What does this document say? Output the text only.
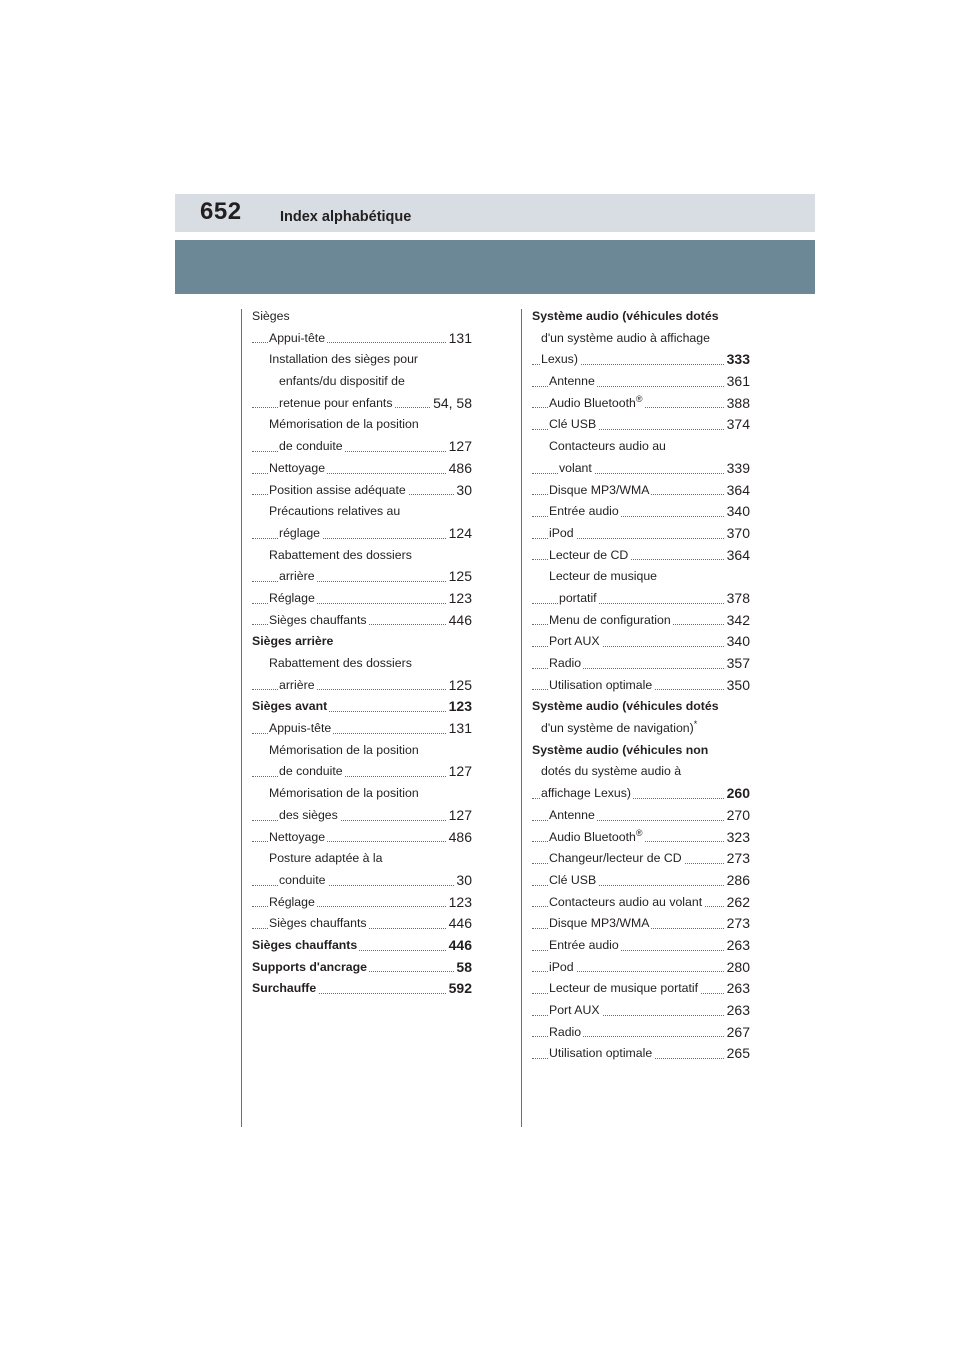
652	Index alphabétique
Sièges
Appui-tête	131
Installation des sièges pour
enfants/du dispositif de
retenue pour enfants	54, 58
Mémorisation de la position
de conduite	127
Nettoyage	486
Position assise adéquate	30
Précautions relatives au
réglage	124
Rabattement des dossiers
arrière	125
Réglage	123
Sièges chauffants	446
Sièges arrière
Rabattement des dossiers
arrière	125
Sièges avant	123
Appuis-tête	131
Mémorisation de la position
de conduite	127
Mémorisation de la position
des sièges	127
Nettoyage	486
Posture adaptée à la
conduite	30
Réglage	123
Sièges chauffants	446
Sièges chauffants	446
Supports d'ancrage	58
Surchauffe	592
Système audio (véhicules dotés
d'un système audio à affichage
Lexus)	333
Antenne	361
Audio Bluetooth®	388
Clé USB	374
Contacteurs audio au
volant	339
Disque MP3/WMA	364
Entrée audio	340
iPod	370
Lecteur de CD	364
Lecteur de musique
portatif	378
Menu de configuration	342
Port AUX	340
Radio	357
Utilisation optimale	350
Système audio (véhicules dotés
d'un système de navigation)*
Système audio (véhicules non
dotés du système audio à
affichage Lexus)	260
Antenne	270
Audio Bluetooth®	323
Changeur/lecteur de CD	273
Clé USB	286
Contacteurs audio au volant 262
Disque MP3/WMA	273
Entrée audio	263
iPod	280
Lecteur de musique portatif 263
Port AUX	263
Radio	267
Utilisation optimale	265
